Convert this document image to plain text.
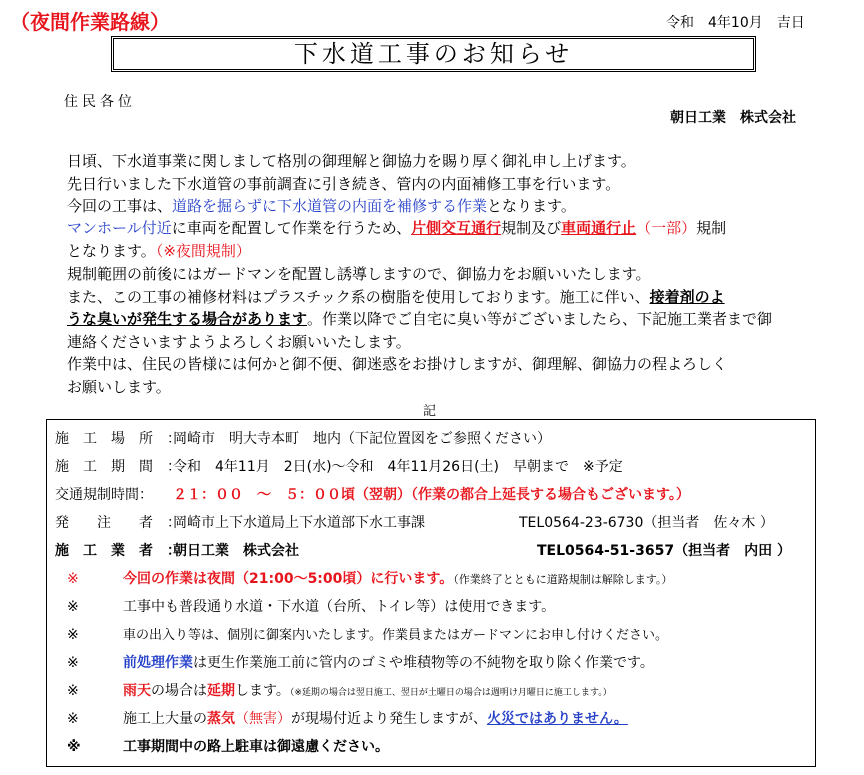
（夜間作業路線）	令和　4年10月　吉日
下水道工事のお知らせ
住民各位
朝日工業　株式会社
日頃、下水道事業に関しまして格別の御理解と御協力を賜り厚く御礼申し上げます。
先日行いました下水道管の事前調査に引き続き、管内の内面補修工事を行います。
今回の工事は、道路を掘らずに下水道管の内面を補修する作業となります。
マンホール付近に車両を配置して作業を行うため、片側交互通行規制及び車両通行止（一部）規制
となります。（※夜間規制）
規制範囲の前後にはガードマンを配置し誘導しますので、御協力をお願いいたします。
また、この工事の補修材料はプラスチック系の樹脂を使用しております。施工に伴い、接着剤のよ
うな臭いが発生する場合があります。作業以降でご自宅に臭い等がございましたら、下記施工業者まで御
連絡くださいますようよろしくお願いいたします。
作業中は、住民の皆様には何かと御不便、御迷惑をお掛けしますが、御理解、御協力の程よろしく
お願いします。
記
施　工　場　所　：岡崎市　明大寺本町　地内（下記位置図をご参照ください）
施　工　期　間　：令和　4年11月　2日(水)～令和　4年11月26日(土)　早朝まで　※予定
交通規制時間： ２１：００　～　５：００頃（翌朝）（作業の都合上延長する場合もございます。）
発　　注　　者　：岡崎市上下水道局上下水道部下水工事課	TEL0564-23-6730（担当者　佐々木 ）
施　工　業　者　：朝日工業　株式会社	TEL0564-51-3657（担当者　内田 ）
※	今回の作業は夜間（21:00～5:00頃）に行います。（作業終了とともに道路規制は解除します。）
※	工事中も普段通り水道・下水道（台所、トイレ等）は使用できます。
※	車の出入り等は、個別に御案内いたします。作業員またはガードマンにお申し付けください。
※	前処理作業は更生作業施工前に管内のゴミや堆積物等の不純物を取り除く作業です。
※	雨天の場合は延期します。（※延期の場合は翌日施工、翌日が土曜日の場合は週明け月曜日に施工します。）
※	施工上大量の蒸気（無害）が現場付近より発生しますが、火災ではありません。
※	工事期間中の路上駐車は御遠慮ください。
